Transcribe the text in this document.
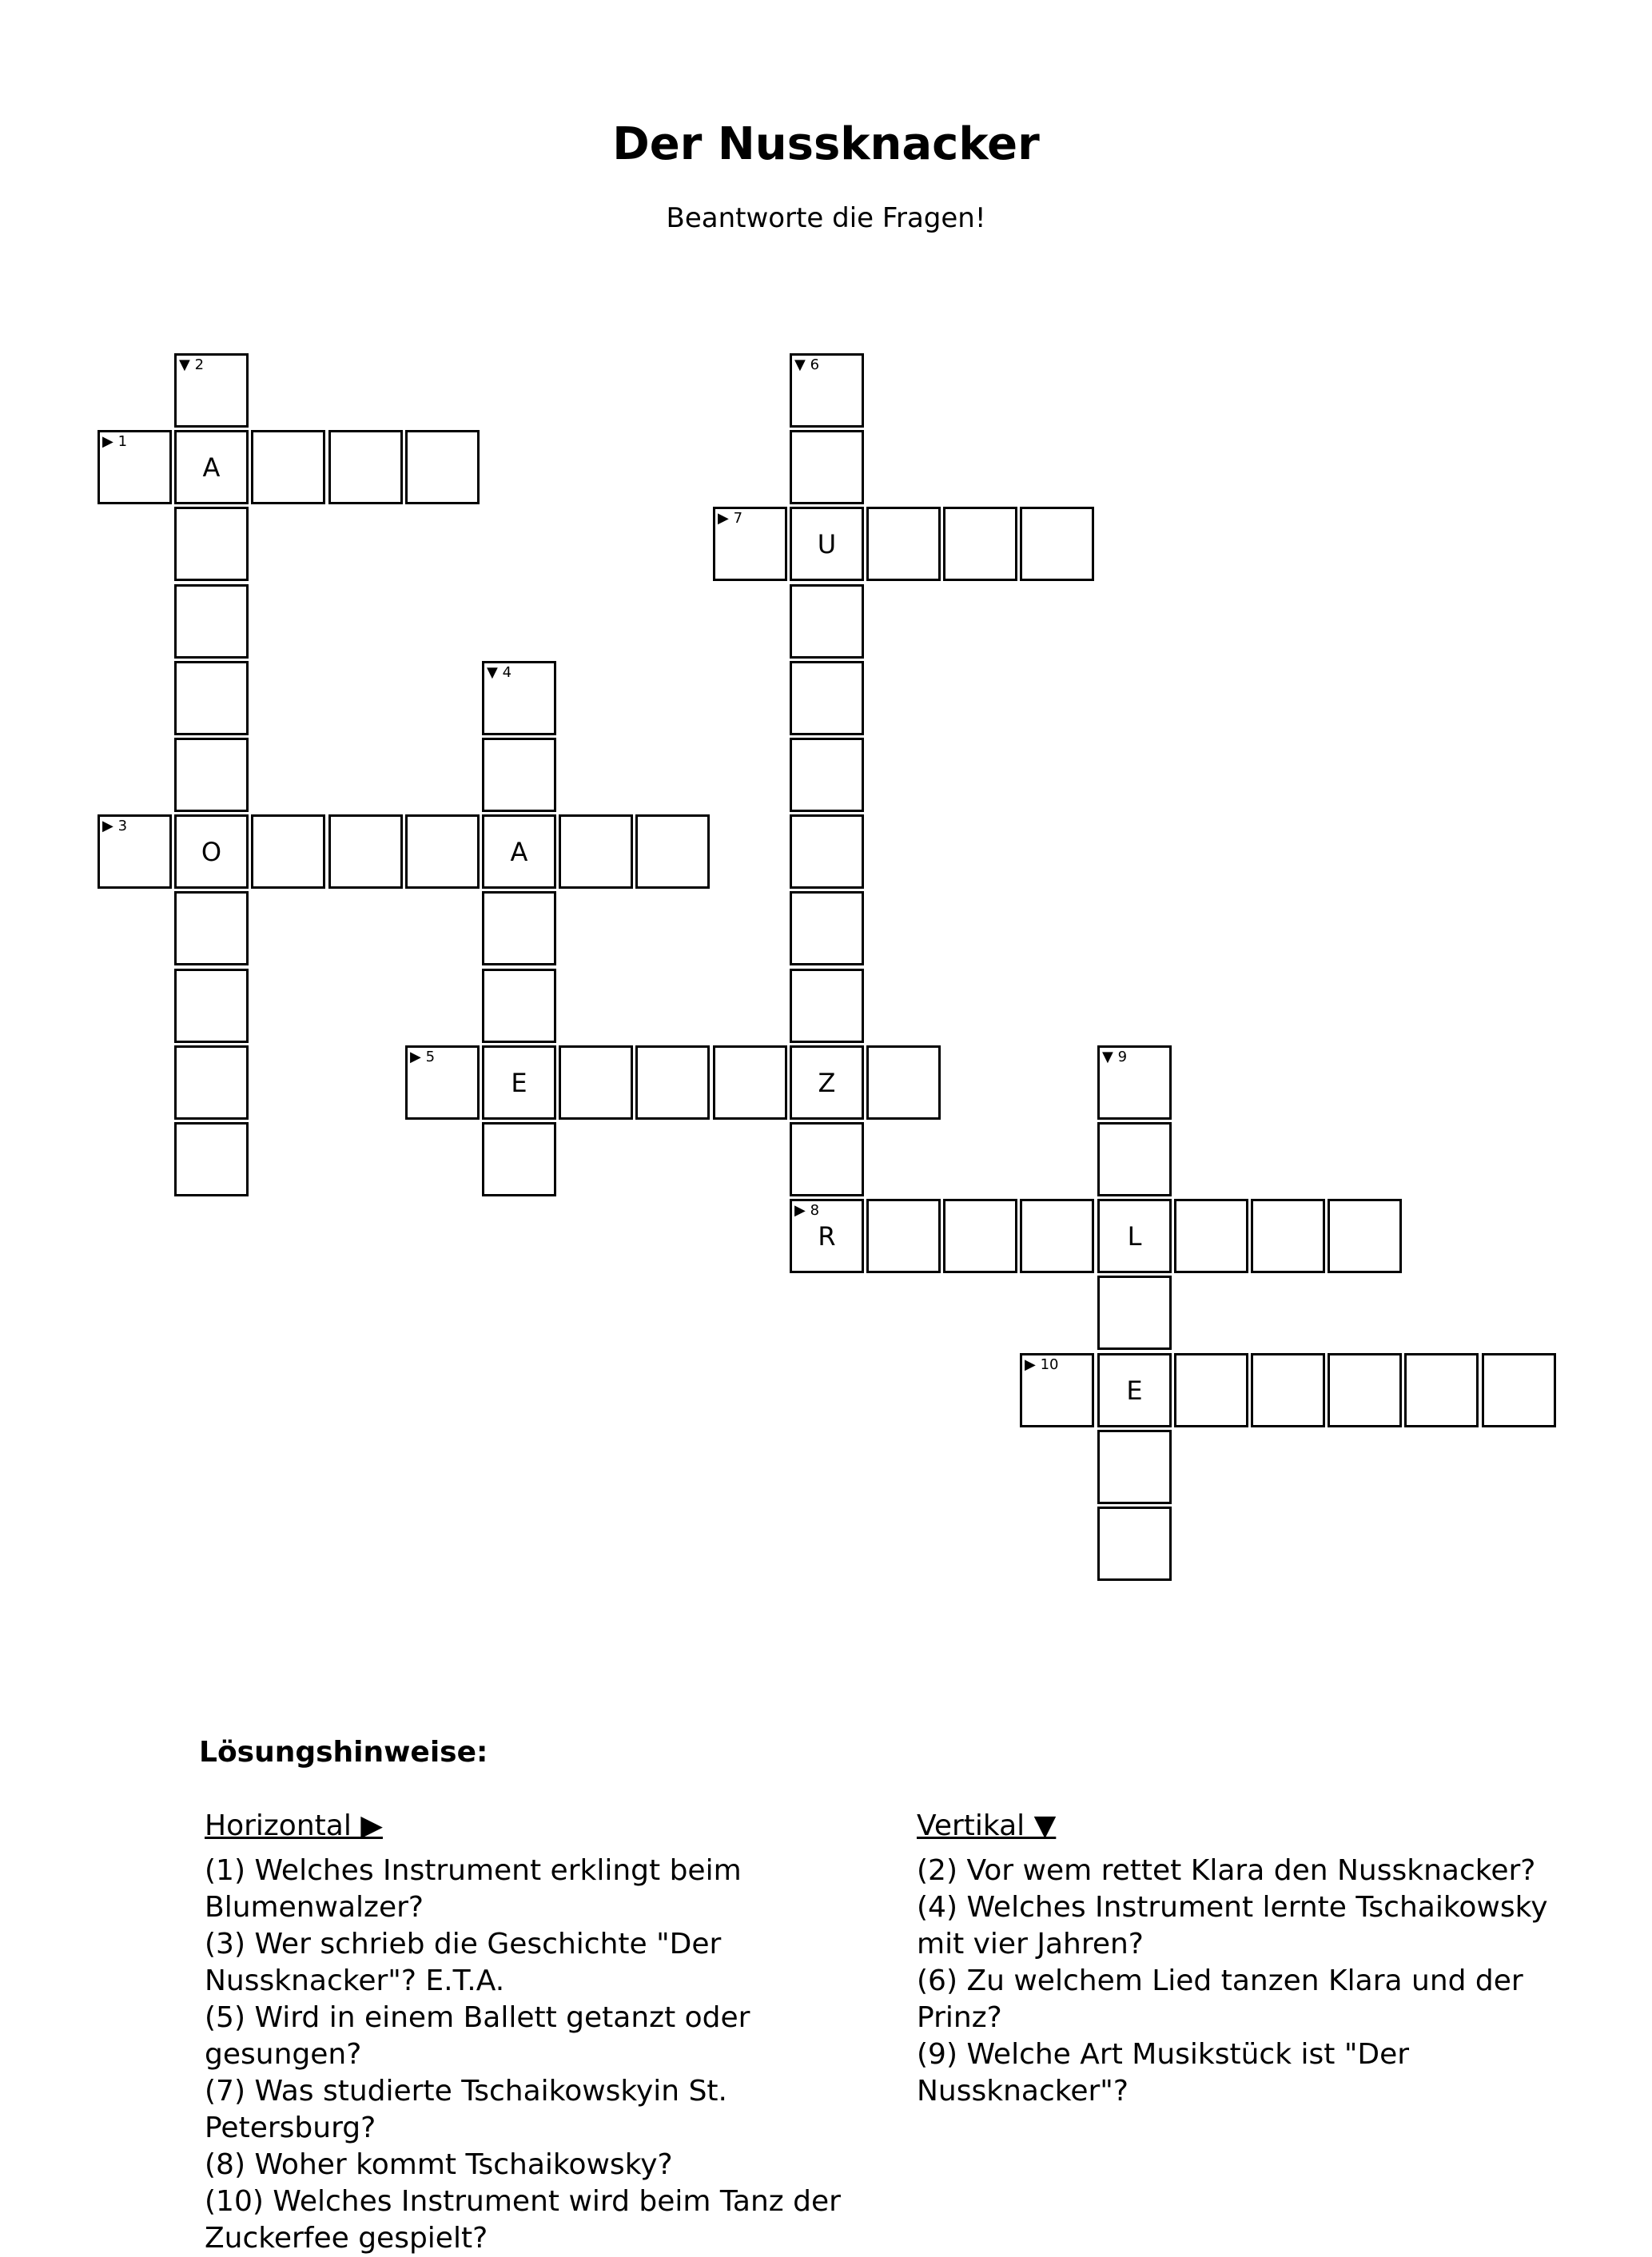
Der Nussknacker
Beantworte die Fragen!
▼ 2	▼ 6
▶ 1
A
▶ 7
U
▼ 4
▶ 3
O	A
▶ 5
E	Z
▼ 9
▶ 8
R	L
▶ 10
E
Lösungshinweise:
Horizontal ▶

(1) Welches Instrument erklingt beim Blumenwalzer?

(3) Wer schrieb die Geschichte "Der Nussknacker"? E.T.A.

(5) Wird in einem Ballett getanzt oder gesungen?

(7) Was studierte Tschaikowskyin St. Petersburg?

(8) Woher kommt Tschaikowsky?

(10) Welches Instrument wird beim Tanz der Zuckerfee gespielt?

Vertikal ▼

(2) Vor wem rettet Klara den Nussknacker?

(4) Welches Instrument lernte Tschaikowsky mit vier Jahren?

(6) Zu welchem Lied tanzen Klara und der Prinz?

(9) Welche Art Musikstück ist "Der Nussknacker"?
